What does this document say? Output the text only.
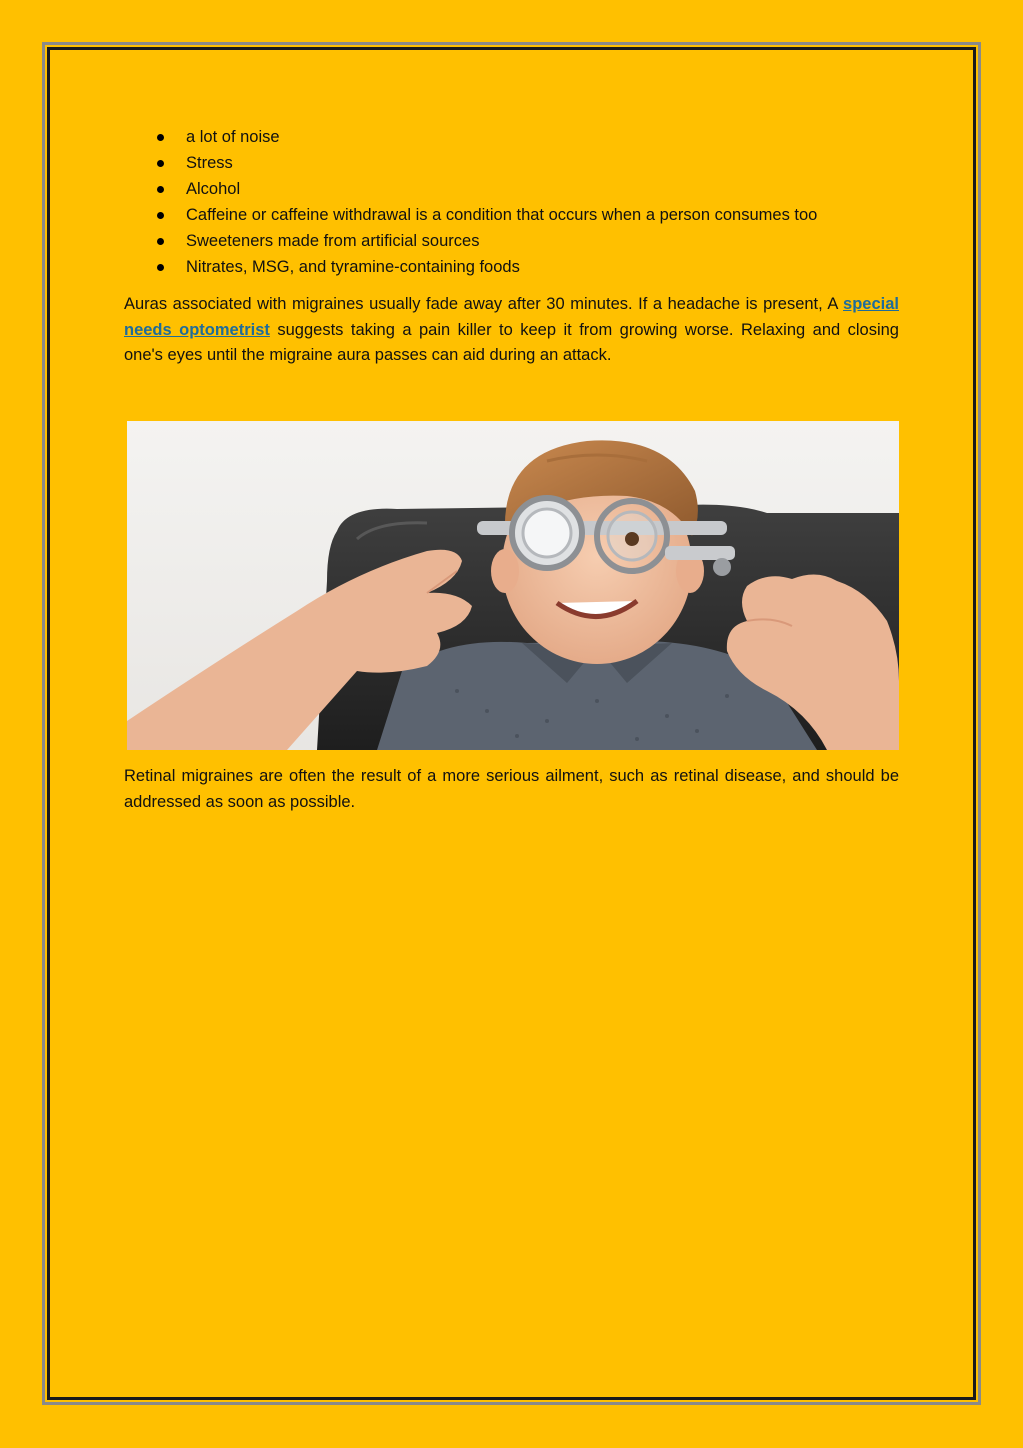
a lot of noise
Stress
Alcohol
Caffeine or caffeine withdrawal is a condition that occurs when a person consumes too
Sweeteners made from artificial sources
Nitrates, MSG, and tyramine-containing foods

Auras associated with migraines usually fade away after 30 minutes. If a headache is present, A special needs optometrist suggests taking a pain killer to keep it from growing worse. Relaxing and closing one's eyes until the migraine aura passes can aid during an attack.

Retinal migraines are often the result of a more serious ailment, such as retinal disease, and should be addressed as soon as possible.
